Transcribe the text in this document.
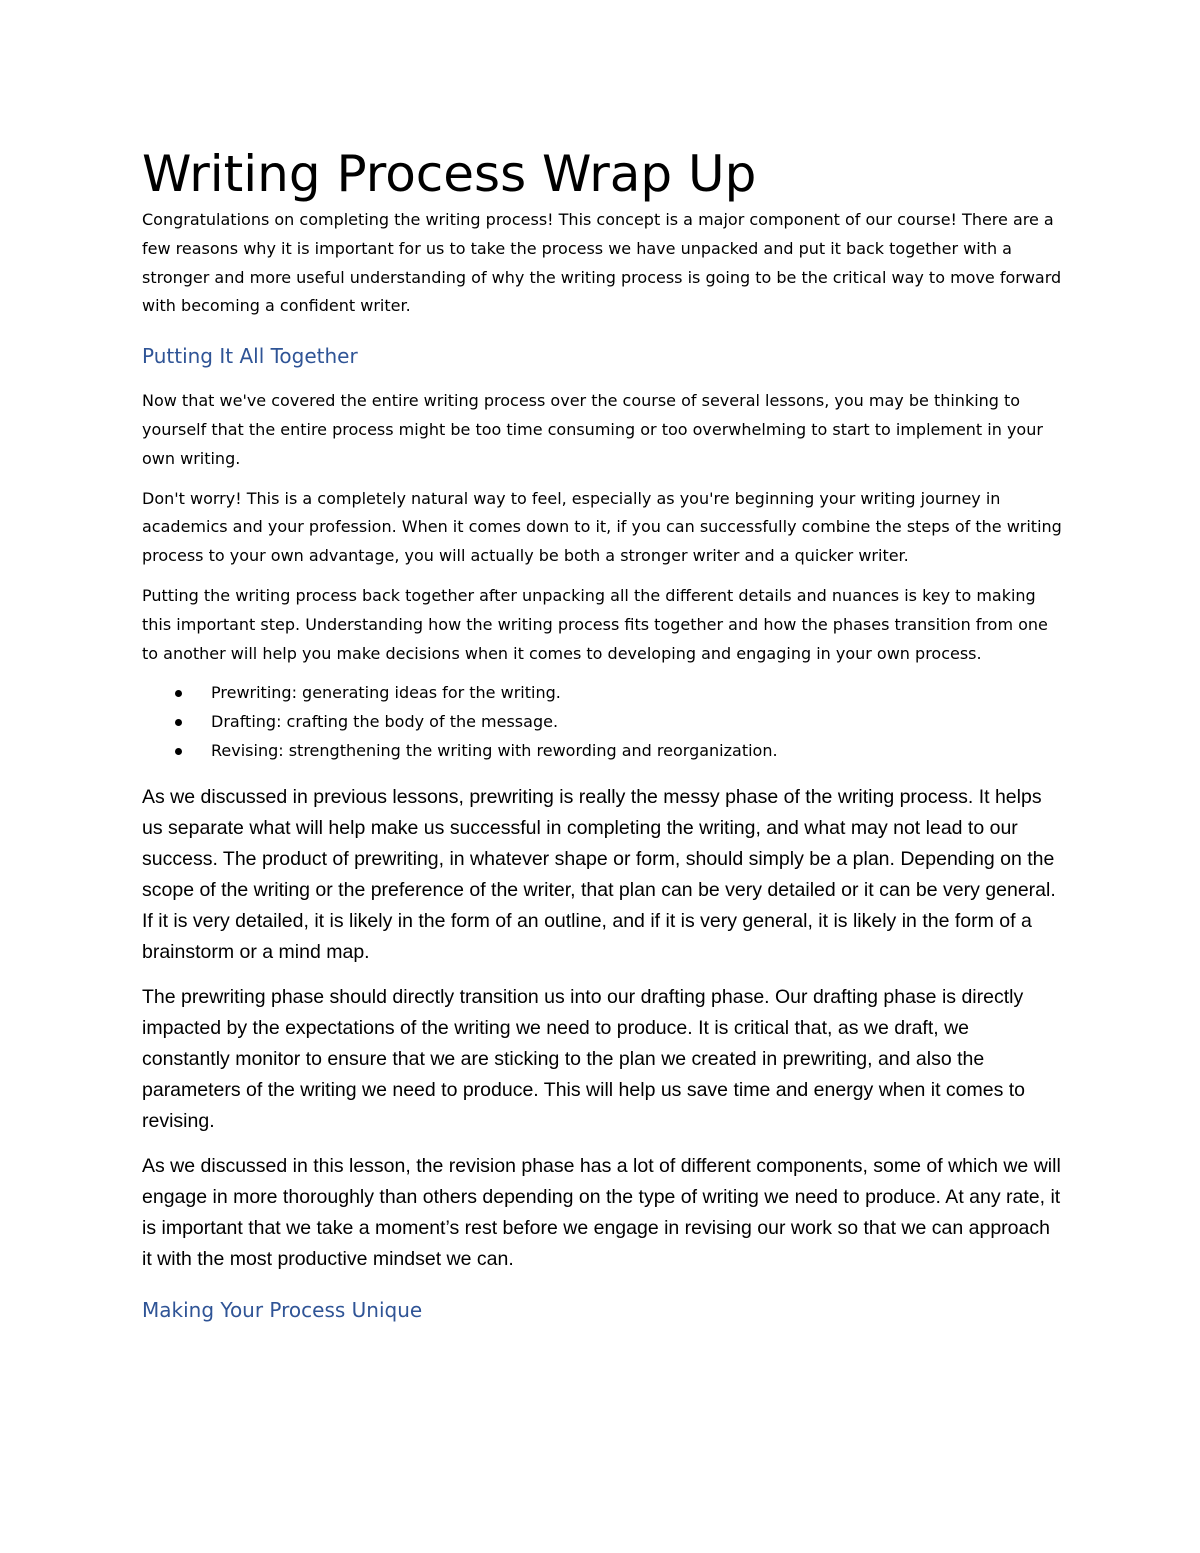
Writing Process Wrap Up

Congratulations on completing the writing process! This concept is a major component of our course! There are a few reasons why it is important for us to take the process we have unpacked and put it back together with a stronger and more useful understanding of why the writing process is going to be the critical way to move forward with becoming a confident writer.

Putting It All Together

Now that we've covered the entire writing process over the course of several lessons, you may be thinking to yourself that the entire process might be too time consuming or too overwhelming to start to implement in your own writing.

Don't worry! This is a completely natural way to feel, especially as you're beginning your writing journey in academics and your profession. When it comes down to it, if you can successfully combine the steps of the writing process to your own advantage, you will actually be both a stronger writer and a quicker writer.

Putting the writing process back together after unpacking all the different details and nuances is key to making this important step. Understanding how the writing process fits together and how the phases transition from one to another will help you make decisions when it comes to developing and engaging in your own process.

Prewriting: generating ideas for the writing.
Drafting: crafting the body of the message.
Revising: strengthening the writing with rewording and reorganization.

As we discussed in previous lessons, prewriting is really the messy phase of the writing process. It helps us separate what will help make us successful in completing the writing, and what may not lead to our success. The product of prewriting, in whatever shape or form, should simply be a plan. Depending on the scope of the writing or the preference of the writer, that plan can be very detailed or it can be very general. If it is very detailed, it is likely in the form of an outline, and if it is very general, it is likely in the form of a brainstorm or a mind map.

The prewriting phase should directly transition us into our drafting phase. Our drafting phase is directly impacted by the expectations of the writing we need to produce. It is critical that, as we draft, we constantly monitor to ensure that we are sticking to the plan we created in prewriting, and also the parameters of the writing we need to produce. This will help us save time and energy when it comes to revising.

As we discussed in this lesson, the revision phase has a lot of different components, some of which we will engage in more thoroughly than others depending on the type of writing we need to produce. At any rate, it is important that we take a moment’s rest before we engage in revising our work so that we can approach it with the most productive mindset we can.

Making Your Process Unique
